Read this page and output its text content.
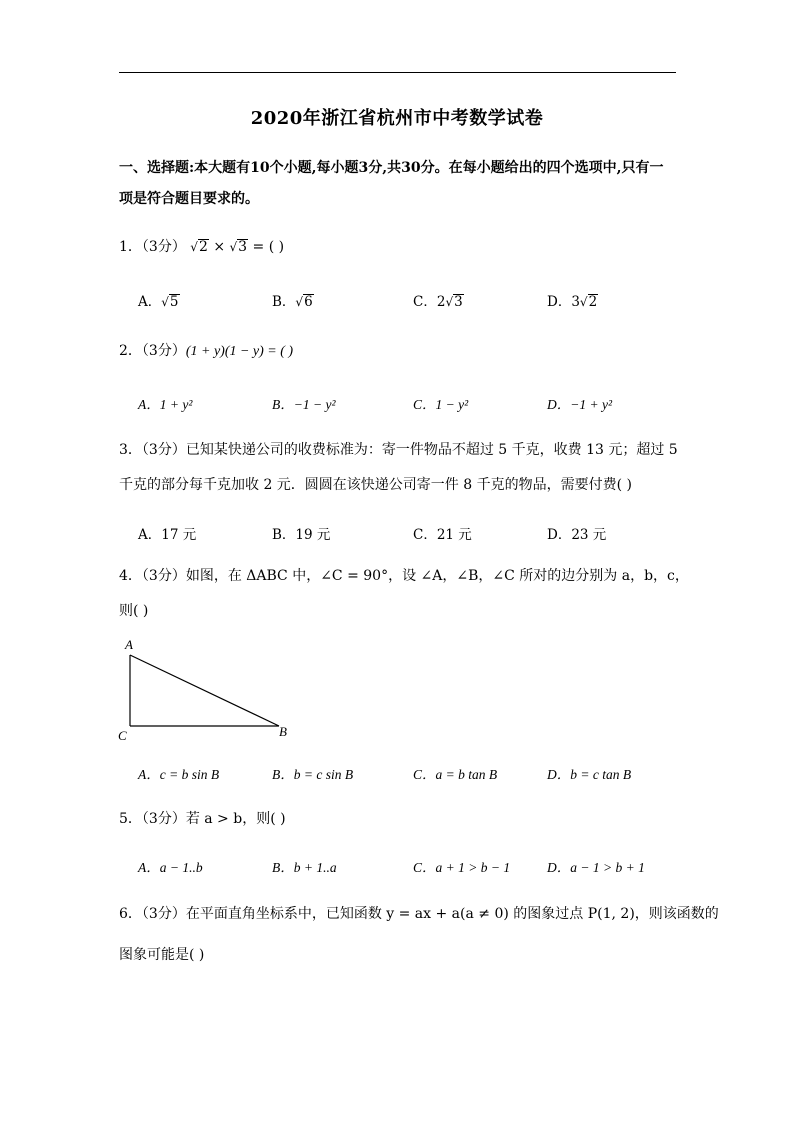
2020年浙江省杭州市中考数学试卷
一、选择题:本大题有10个小题,每小题3分,共30分。在每小题给出的四个选项中,只有一
项是符合题目要求的。
1．（3分） √2 × √3 = ( )
A．√5	B．√6	C．2√3	D．3√2
2．（3分）(1 + y)(1 − y) = ( )
A．1 + y²	B．−1 − y²	C．1 − y²	D．−1 + y²
3．（3分）已知某快递公司的收费标准为：寄一件物品不超过 5 千克，收费 13 元；超过 5
千克的部分每千克加收 2 元．圆圆在该快递公司寄一件 8 千克的物品，需要付费( )
A．17 元	B．19 元	C．21 元	D．23 元
4．（3分）如图，在 ΔABC 中，∠C = 90°，设 ∠A，∠B，∠C 所对的边分别为 a，b，c，
则( )
A
C	B
A．c = b sin B	B．b = c sin B	C．a = b tan B	D．b = c tan B
5．（3分）若 a > b，则( )
A．a − 1..b	B．b + 1..a	C．a + 1 > b − 1	D．a − 1 > b + 1
6．（3分）在平面直角坐标系中，已知函数 y = ax + a(a ≠ 0) 的图象过点 P(1, 2)，则该函数的
图象可能是( )
